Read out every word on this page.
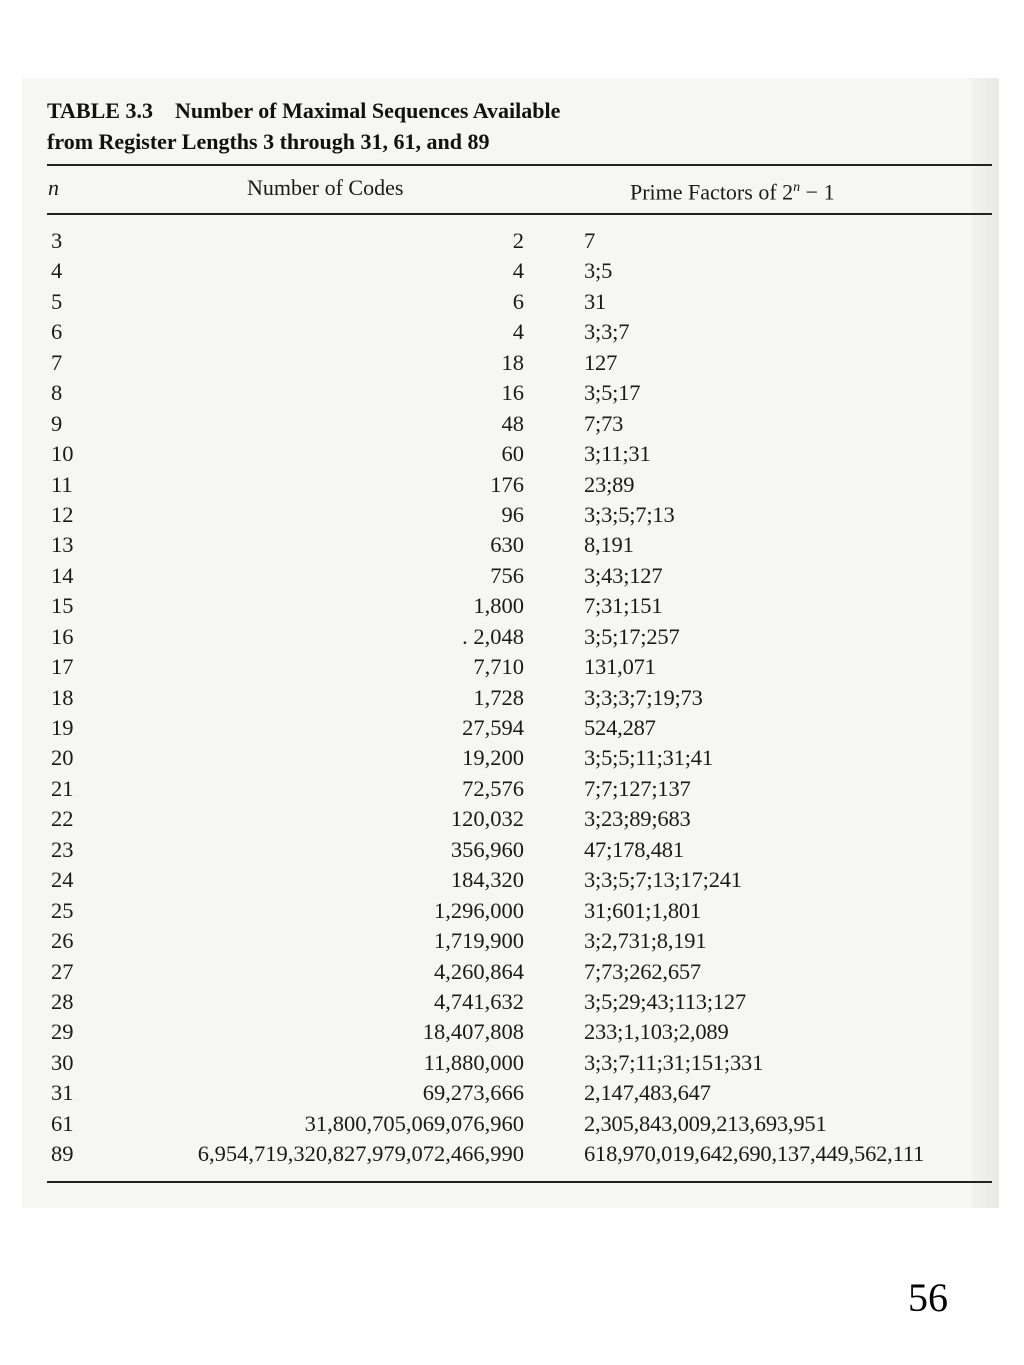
TABLE 3.3 Number of Maximal Sequences Available
from Register Lengths 3 through 31, 61, and 89
n	Number of Codes	Prime Factors of $2^n - 1$
3	2	7
4	4	3;5
5	6	31
6	4	3;3;7
7	18	127
8	16	3;5;17
9	48	7;73
10	60	3;11;31
11	176	23;89
12	96	3;3;5;7;13
13	630	8,191
14	756	3;43;127
15	1,800	7;31;151
16	. 2,048	3;5;17;257
17	7,710	131,071
18	1,728	3;3;3;7;19;73
19	27,594	524,287
20	19,200	3;5;5;11;31;41
21	72,576	7;7;127;137
22	120,032	3;23;89;683
23	356,960	47;178,481
24	184,320	3;3;5;7;13;17;241
25	1,296,000	31;601;1,801
26	1,719,900	3;2,731;8,191
27	4,260,864	7;73;262,657
28	4,741,632	3;5;29;43;113;127
29	18,407,808	233;1,103;2,089
30	11,880,000	3;3;7;11;31;151;331
31	69,273,666	2,147,483,647
61	31,800,705,069,076,960	2,305,843,009,213,693,951
89	6,954,719,320,827,979,072,466,990	618,970,019,642,690,137,449,562,111
56
